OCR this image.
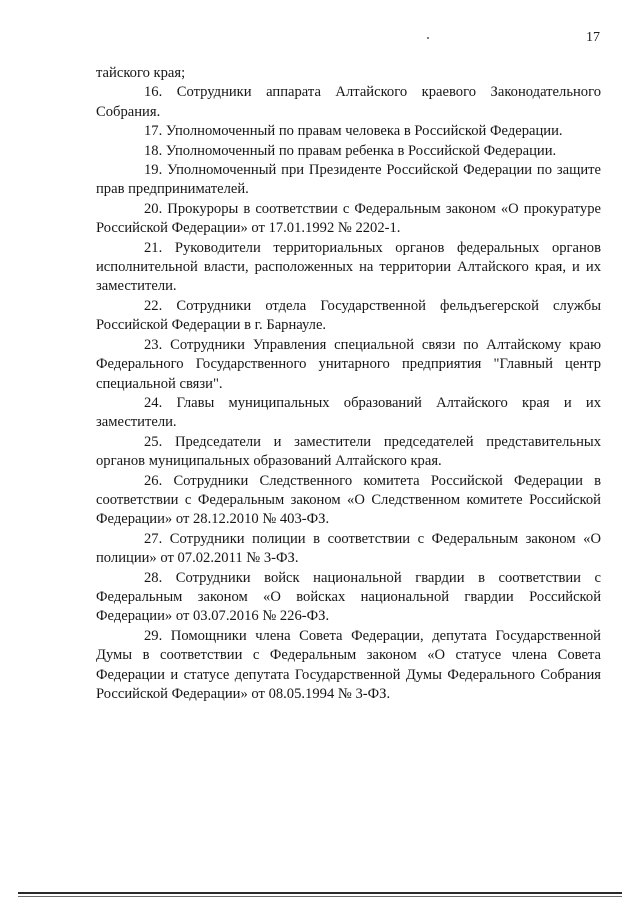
17

тайского края;

16. Сотрудники аппарата Алтайского краевого Законодательного Собрания.

17. Уполномоченный по правам человека в Российской Федерации.

18. Уполномоченный по правам ребенка в Российской Федерации.

19. Уполномоченный при Президенте Российской Федерации по защите прав предпринимателей.

20. Прокуроры в соответствии с Федеральным законом «О прокуратуре Российской Федерации» от 17.01.1992 № 2202-1.

21. Руководители территориальных органов федеральных органов исполнительной власти, расположенных на территории Алтайского края, и их заместители.

22. Сотрудники отдела Государственной фельдъегерской службы Российской Федерации в г. Барнауле.

23. Сотрудники Управления специальной связи по Алтайскому краю Федерального Государственного унитарного предприятия "Главный центр специальной связи".

24. Главы муниципальных образований Алтайского края и их заместители.

25. Председатели и заместители председателей представительных органов муниципальных образований Алтайского края.

26. Сотрудники Следственного комитета Российской Федерации в соответствии с Федеральным законом «О Следственном комитете Российской Федерации» от 28.12.2010 № 403-ФЗ.

27. Сотрудники полиции в соответствии с Федеральным законом «О полиции» от 07.02.2011 № 3-ФЗ.

28. Сотрудники войск национальной гвардии в соответствии с Федеральным законом «О войсках национальной гвардии Российской Федерации» от 03.07.2016 № 226-ФЗ.

29. Помощники члена Совета Федерации, депутата Государственной Думы в соответствии с Федеральным законом «О статусе члена Совета Федерации и статусе депутата Государственной Думы Федерального Собрания Российской Федерации» от 08.05.1994 № 3-ФЗ.
